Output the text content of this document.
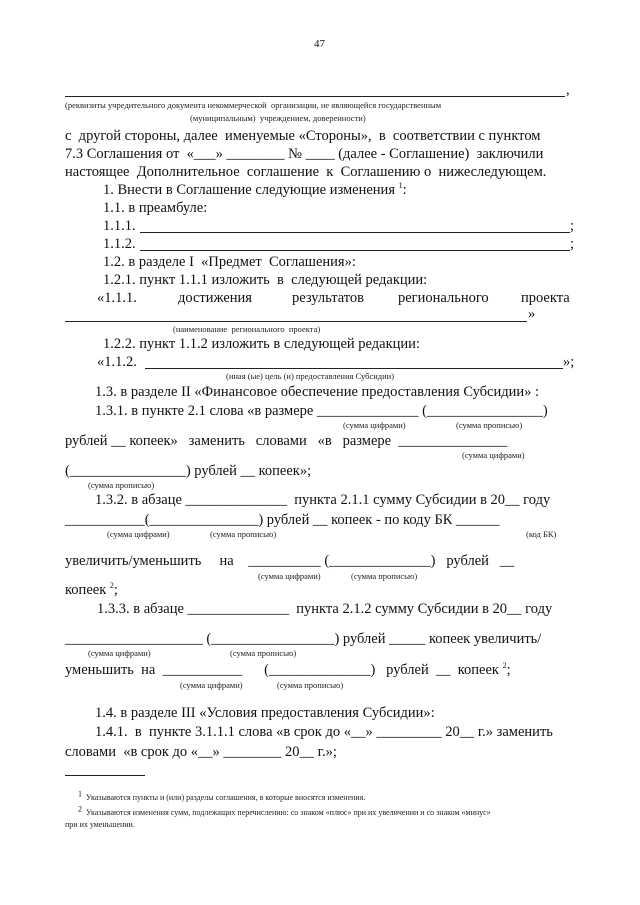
47
,
(реквизиты учредительного документа некоммерческой  организации, не являющейся государственным
(муниципальным)  учреждением, доверенности)
с  другой стороны, далее  именуемые «Стороны»,  в  соответствии с пунктом
7.3 Соглашения от  «___» ________ № ____ (далее - Соглашение)  заключили
настоящее  Дополнительное  соглашение  к  Соглашению о  нижеследующем.
1. Внести в Соглашение следующие изменения $^1$:
1.1. в преамбуле:
1.1.1.	;
1.1.2.	;
1.2. в разделе I  «Предмет  Соглашения»:
1.2.1. пункт 1.1.1 изложить  в  следующей редакции:
«1.1.1.	достижения	результатов регионального проекта
»
(наименование  регионального  проекта)
1.2.2. пункт 1.1.2 изложить в следующей редакции:
«1.1.2.	»;
(иная (ые) цель (и) предоставления Субсидии)
1.3. в разделе II «Финансовое обеспечение предоставления Субсидии» :
1.3.1. в пункте 2.1 слова «в размере ______________ (________________)
(сумма цифрами)	(сумма прописью)
рублей __ копеек»   заменить   словами   «в   размере  _______________
(сумма цифрами)
(________________) рублей __ копеек»;
(сумма прописью)
1.3.2. в абзаце ______________  пункта 2.1.1 сумму Субсидии в 20__ году
___________(_______________) рублей __ копеек - по коду БК ______
(сумма цифрами)	(сумма прописью)	(код БК)
увеличить/уменьшить     на    __________ (______________)   рублей   __
(сумма цифрами)	(сумма прописью)
копеек $^2$;
1.3.3. в абзаце ______________  пункта 2.1.2 сумму Субсидии в 20__ году
___________________ (_________________) рублей _____ копеек увеличить/
(сумма цифрами)	(сумма прописью)
уменьшить  на  ___________      (______________)   рублей  __  копеек $^2$;
(сумма цифрами)	(сумма прописью)
1.4. в разделе III «Условия предоставления Субсидии»:
1.4.1.  в  пункте 3.1.1.1 слова «в срок до «__» _________ 20__ г.» заменить
словами  «в срок до «__» ________ 20__ г.»;
$^1$ Указываются пункты и (или) разделы соглашения, в которые вносятся изменения.
$^2$ Указываются изменения сумм, подлежащих перечислению: со знаком «плюс» при их увеличении и со знаком «минус»
при их уменьшении.
